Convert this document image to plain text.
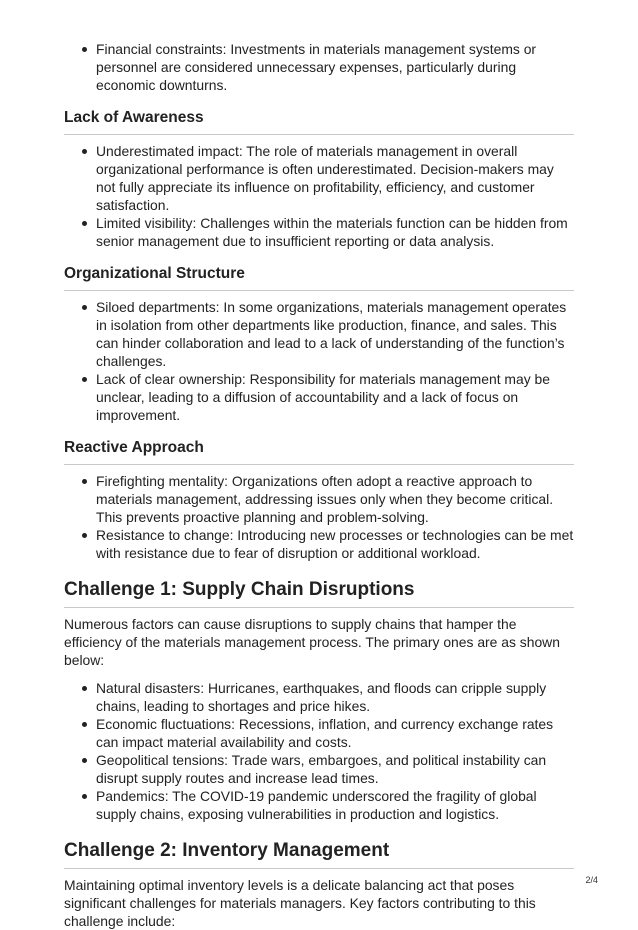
Financial constraints: Investments in materials management systems or personnel are considered unnecessary expenses, particularly during economic downturns.
Lack of Awareness
Underestimated impact: The role of materials management in overall organizational performance is often underestimated. Decision-makers may not fully appreciate its influence on profitability, efficiency, and customer satisfaction.
Limited visibility: Challenges within the materials function can be hidden from senior management due to insufficient reporting or data analysis.
Organizational Structure
Siloed departments: In some organizations, materials management operates in isolation from other departments like production, finance, and sales. This can hinder collaboration and lead to a lack of understanding of the function’s challenges.
Lack of clear ownership: Responsibility for materials management may be unclear, leading to a diffusion of accountability and a lack of focus on improvement.
Reactive Approach
Firefighting mentality: Organizations often adopt a reactive approach to materials management, addressing issues only when they become critical. This prevents proactive planning and problem-solving.
Resistance to change: Introducing new processes or technologies can be met with resistance due to fear of disruption or additional workload.
Challenge 1: Supply Chain Disruptions

Numerous factors can cause disruptions to supply chains that hamper the efficiency of the materials management process. The primary ones are as shown below:

Natural disasters: Hurricanes, earthquakes, and floods can cripple supply chains, leading to shortages and price hikes.
Economic fluctuations: Recessions, inflation, and currency exchange rates can impact material availability and costs.
Geopolitical tensions: Trade wars, embargoes, and political instability can disrupt supply routes and increase lead times.
Pandemics: The COVID-19 pandemic underscored the fragility of global supply chains, exposing vulnerabilities in production and logistics.
Challenge 2: Inventory Management

Maintaining optimal inventory levels is a delicate balancing act that poses significant challenges for materials managers. Key factors contributing to this challenge include:

2/4
